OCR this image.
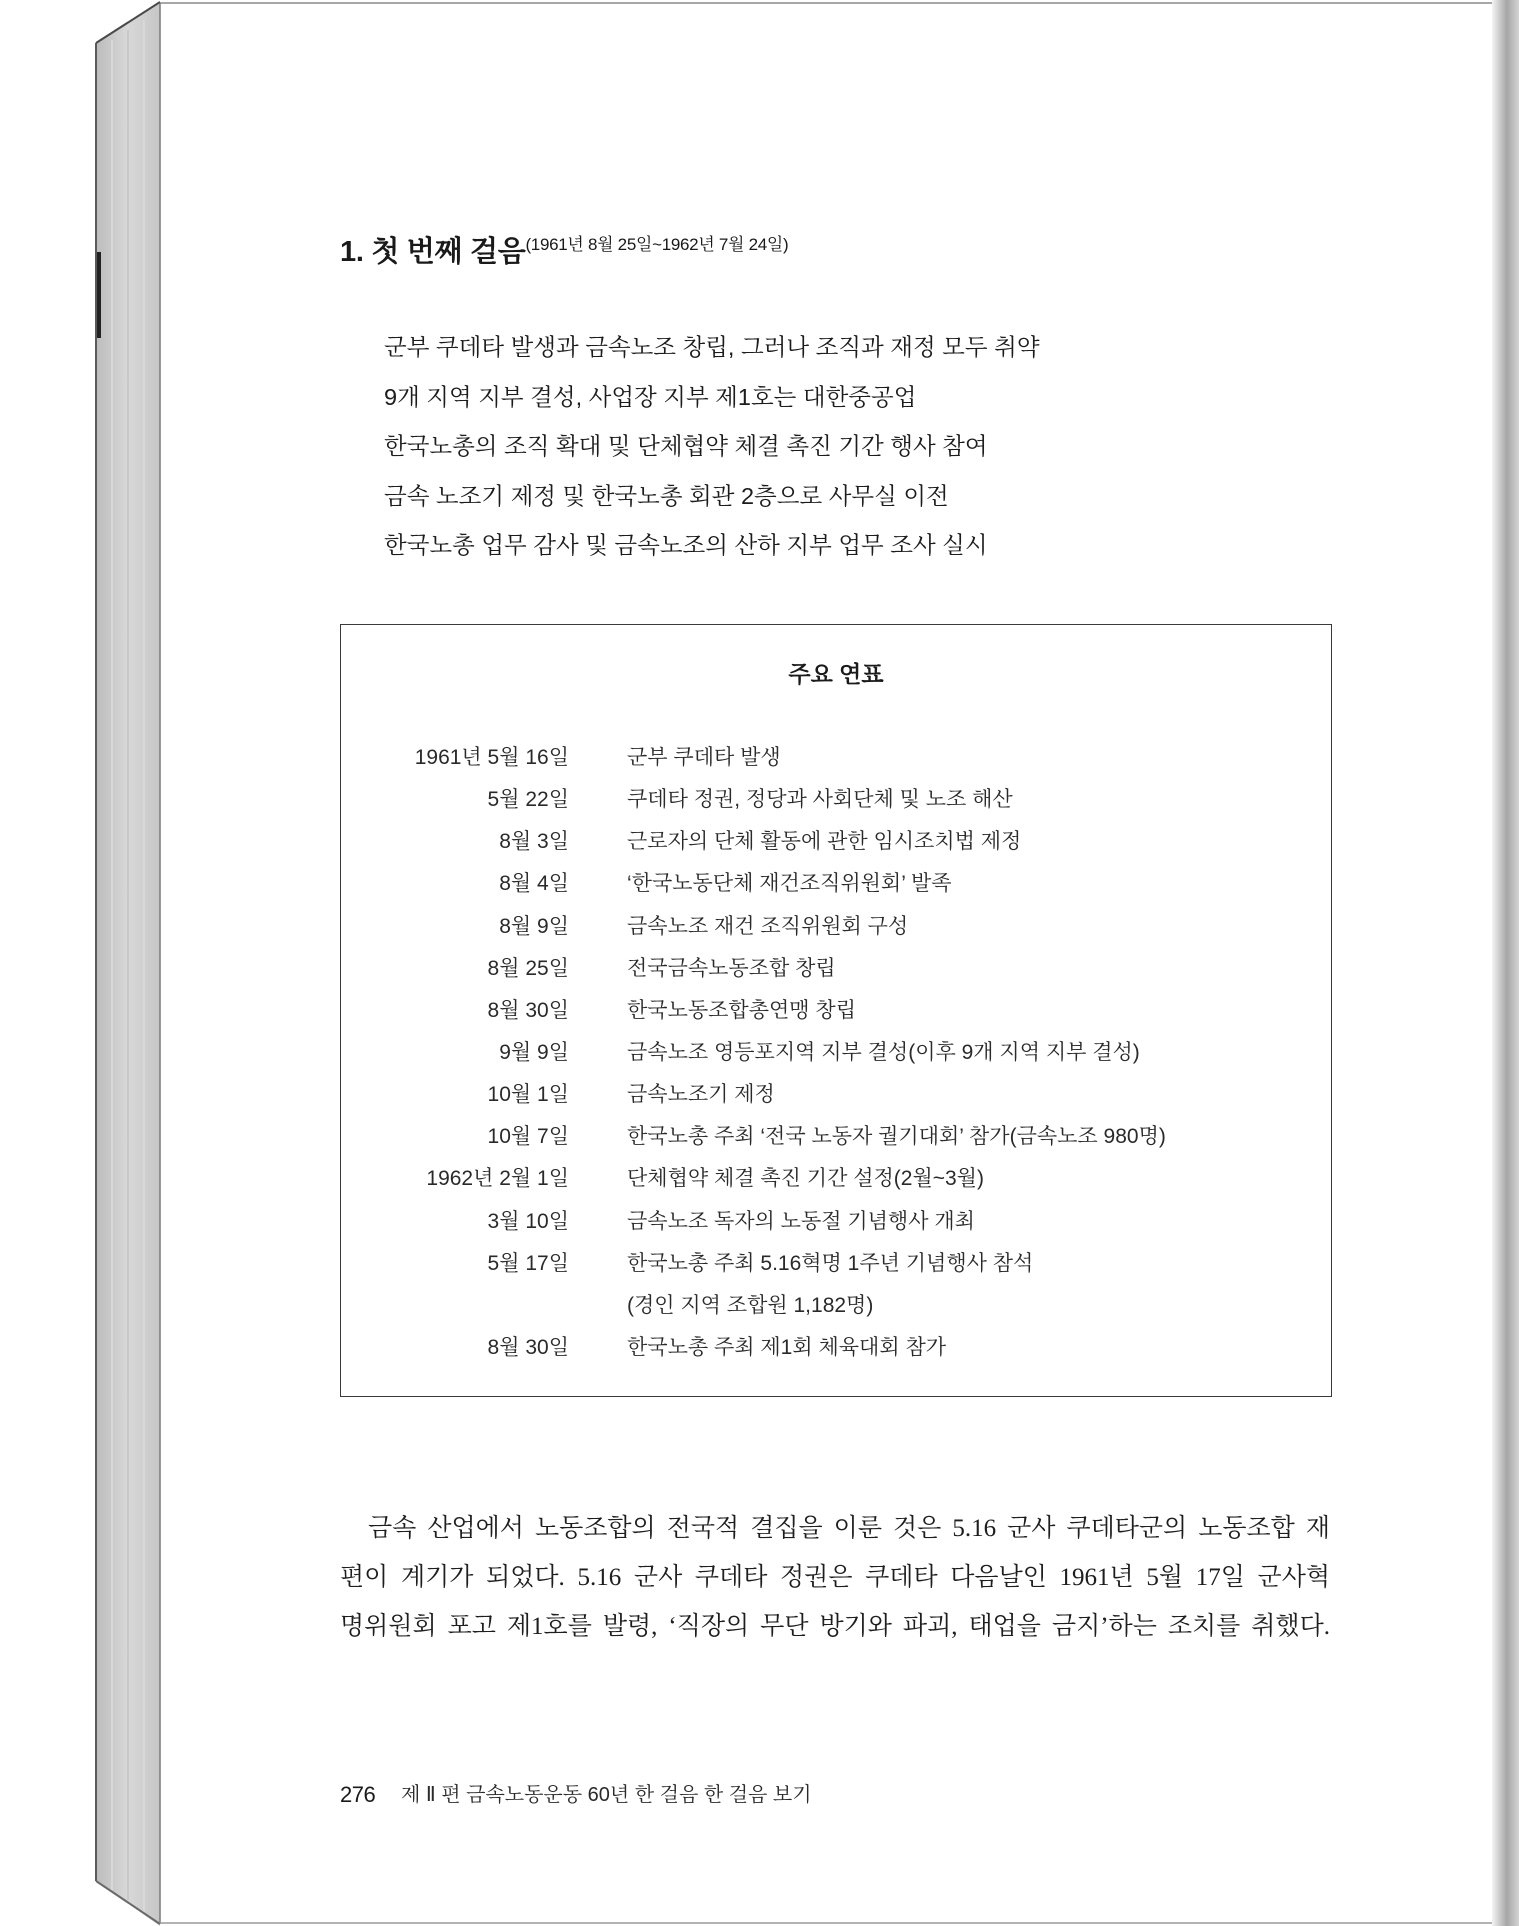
1. 첫 번째 걸음 (1961년 8월 25일~1962년 7월 24일)
군부 쿠데타 발생과 금속노조 창립, 그러나 조직과 재정 모두 취약
9개 지역 지부 결성, 사업장 지부 제1호는 대한중공업
한국노총의 조직 확대 및 단체협약 체결 촉진 기간 행사 참여
금속 노조기 제정 및 한국노총 회관 2층으로 사무실 이전
한국노총 업무 감사 및 금속노조의 산하 지부 업무 조사 실시
주요 연표
1961년 5월 16일	군부 쿠데타 발생
5월 22일	쿠데타 정권, 정당과 사회단체 및 노조 해산
8월 3일	근로자의 단체 활동에 관한 임시조치법 제정
8월 4일	‘한국노동단체 재건조직위원회’ 발족
8월 9일	금속노조 재건 조직위원회 구성
8월 25일	전국금속노동조합 창립
8월 30일	한국노동조합총연맹 창립
9월 9일	금속노조 영등포지역 지부 결성(이후 9개 지역 지부 결성)
10월 1일	금속노조기 제정
10월 7일	한국노총 주최 ‘전국 노동자 궐기대회’ 참가(금속노조 980명)
1962년 2월 1일	단체협약 체결 촉진 기간 설정(2월~3월)
3월 10일	금속노조 독자의 노동절 기념행사 개최
5월 17일	한국노총 주최 5.16혁명 1주년 기념행사 참석
(경인 지역 조합원 1,182명)
8월 30일	한국노총 주최 제1회 체육대회 참가
금속 산업에서 노동조합의 전국적 결집을 이룬 것은 5.16 군사 쿠데타군의 노동조합 재
편이 계기가 되었다. 5.16 군사 쿠데타 정권은 쿠데타 다음날인 1961년 5월 17일 군사혁
명위원회 포고 제1호를 발령, ‘직장의 무단 방기와 파괴, 태업을 금지’하는 조치를 취했다.
276 제 Ⅱ 편 금속노동운동 60년 한 걸음 한 걸음 보기
